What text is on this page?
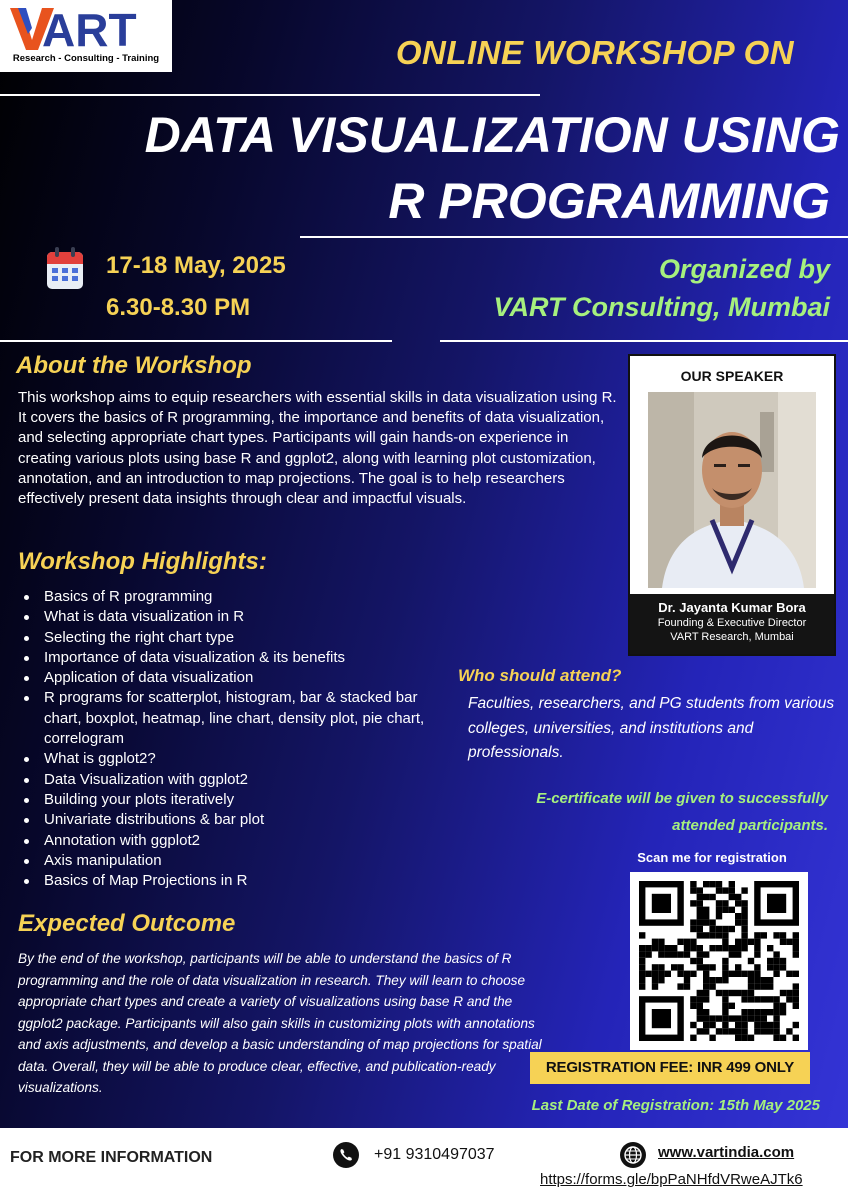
ART
Research - Consulting - Training	ONLINE WORKSHOP ON
DATA VISUALIZATION USING
R PROGRAMMING
17-18 May, 2025
6.30-8.30 PM
Organized by
VART Consulting, Mumbai
About the Workshop
This workshop aims to equip researchers with essential skills in data visualization using R. It covers the basics of R programming, the importance and benefits of data visualization, and selecting appropriate chart types. Participants will gain hands-on experience in creating various plots using base R and ggplot2, along with learning plot customization, annotation, and an introduction to map projections. The goal is to help researchers effectively present data insights through clear and impactful visuals.
Workshop Highlights:
Basics of R programming
What is data visualization in R
Selecting the right chart type
Importance of data visualization & its benefits
Application of data visualization
R programs for scatterplot, histogram, bar & stacked bar chart, boxplot, heatmap, line chart, density plot, pie chart, correlogram
What is ggplot2?
Data Visualization with ggplot2
Building your plots iteratively
Univariate distributions & bar plot
Annotation with ggplot2
Axis manipulation
Basics of Map Projections in R
Expected Outcome
By the end of the workshop, participants will be able to understand the basics of R programming and the role of data visualization in research. They will learn to choose appropriate chart types and create a variety of visualizations using base R and the ggplot2 package. Participants will also gain skills in customizing plots with annotations and axis adjustments, and develop a basic understanding of map projections for spatial data. Overall, they will be able to produce clear, effective, and publication-ready visualizations.
OUR SPEAKER
Dr. Jayanta Kumar Bora
Founding & Executive Director
VART Research, Mumbai
Who should attend?
Faculties, researchers, and PG students from various colleges, universities, and institutions and professionals.
E-certificate will be given to successfully
attended participants.
Scan me for registration
REGISTRATION FEE: INR 499 ONLY
Last Date of Registration: 15th May 2025
FOR MORE INFORMATION	+91 9310497037	www.vartindia.com
https://forms.gle/bpPaNHfdVRweAJTk6
